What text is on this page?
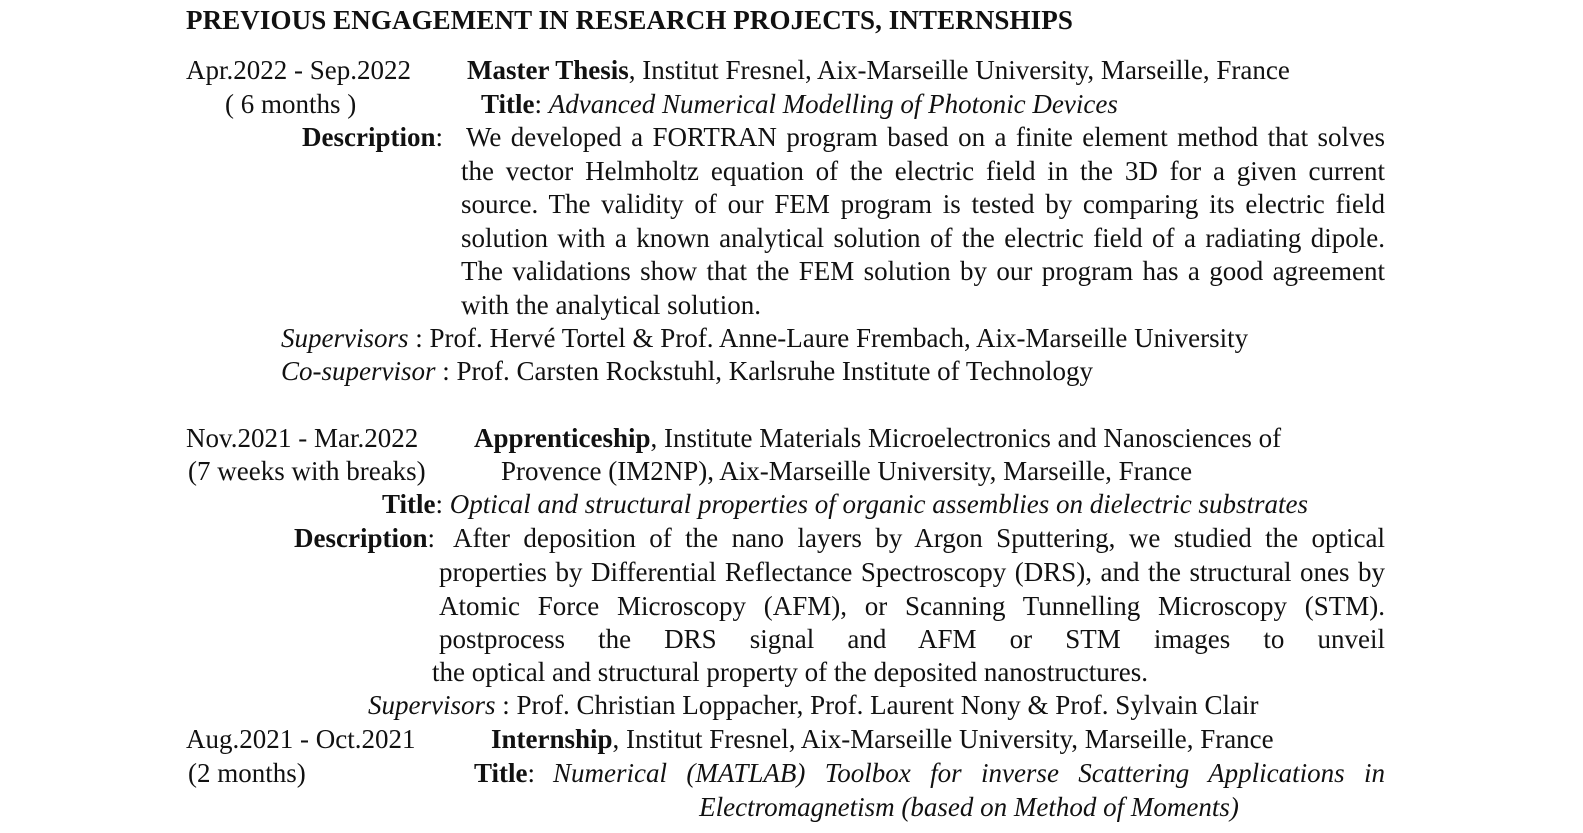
PREVIOUS ENGAGEMENT IN RESEARCH PROJECTS, INTERNSHIPS
Apr.2022 - Sep.2022
( 6 months )
Master Thesis, Institut Fresnel, Aix-Marseille University, Marseille, France
Title: Advanced Numerical Modelling of Photonic Devices
Description: We developed a FORTRAN program based on a finite element method that solves the vector Helmholtz equation of the electric field in the 3D for a given current source. The validity of our FEM program is tested by comparing its electric field solution with a known analytical solution of the electric field of a radiating dipole. The validations show that the FEM solution by our program has a good agreement with the analytical solution.
Supervisors : Prof. Hervé Tortel & Prof. Anne-Laure Frembach, Aix-Marseille University
Co-supervisor : Prof. Carsten Rockstuhl, Karlsruhe Institute of Technology
Nov.2021 - Mar.2022
(7 weeks with breaks)
Apprenticeship, Institute Materials Microelectronics and Nanosciences of
Provence (IM2NP), Aix-Marseille University, Marseille, France
Title: Optical and structural properties of organic assemblies on dielectric substrates
Description: After deposition of the nano layers by Argon Sputtering, we studied the optical
properties by Differential Reflectance Spectroscopy (DRS), and the structural ones by Atomic Force Microscopy (AFM), or Scanning Tunnelling Microscopy (STM). postprocess the DRS signal and AFM or STM images to unveil
the optical and structural property of the deposited nanostructures.
Supervisors : Prof. Christian Loppacher, Prof. Laurent Nony & Prof. Sylvain Clair
Aug.2021 - Oct.2021
(2 months)
Internship, Institut Fresnel, Aix-Marseille University, Marseille, France
Title: Numerical (MATLAB) Toolbox for inverse Scattering Applications in Electromagnetism (based on Method of Moments)
